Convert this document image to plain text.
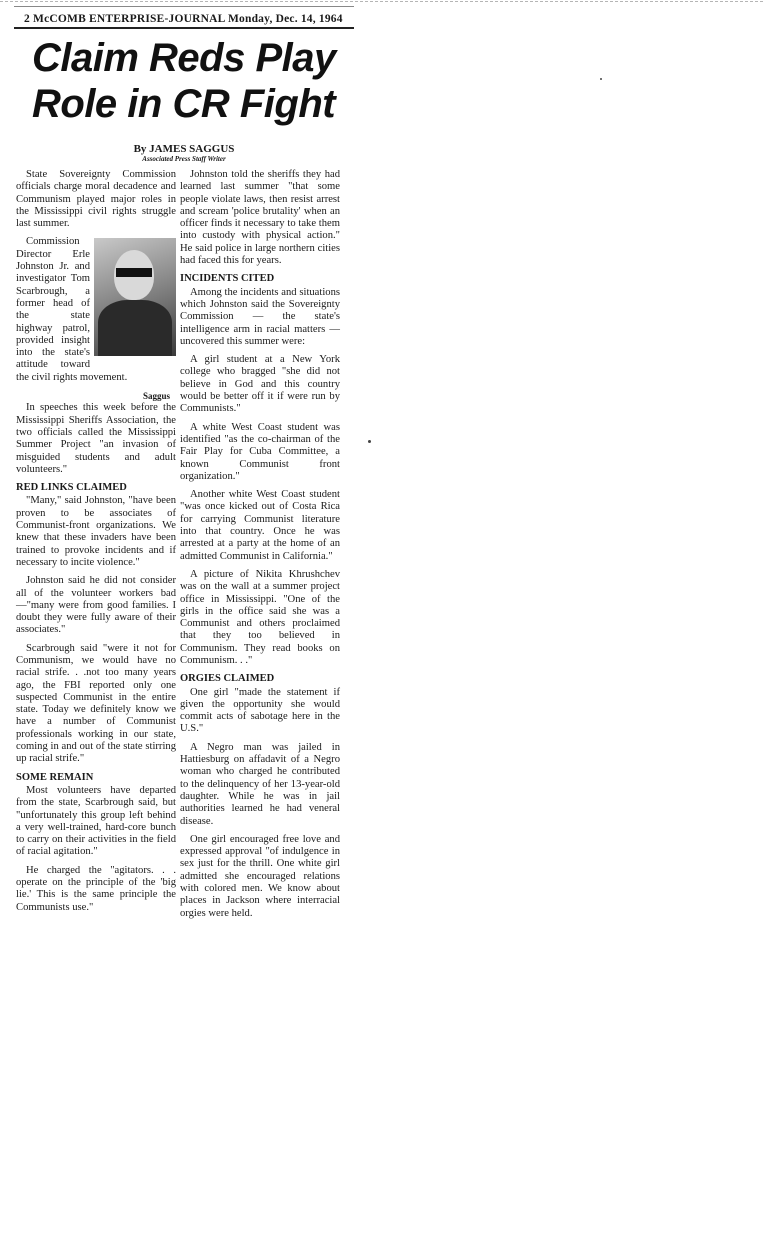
2 McCOMB ENTERPRISE-JOURNAL Monday, Dec. 14, 1964
Claim Reds Play
Role in CR Fight
By JAMES SAGGUS
Associated Press Staff Writer

State Sovereignty Commission officials charge moral decadence and Communism played major roles in the Mississippi civil rights struggle last summer.

Commission Director Erle Johnston Jr. and investigator Tom Scarbrough, a former head of the state highway patrol, provided insight into the state's attitude toward the civil rights movement.

Saggus

In speeches this week before the Mississippi Sheriffs Association, the two officials called the Mississippi Summer Project "an invasion of misguided students and adult volunteers."

RED LINKS CLAIMED

"Many," said Johnston, "have been proven to be associates of Communist-front organizations. We knew that these invaders have been trained to provoke incidents and if necessary to incite violence."

Johnston said he did not consider all of the volunteer workers bad—"many were from good families. I doubt they were fully aware of their associates."

Scarbrough said "were it not for Communism, we would have no racial strife. . .not too many years ago, the FBI reported only one suspected Communist in the entire state. Today we definitely know we have a number of Communist professionals working in our state, coming in and out of the state stirring up racial strife."

SOME REMAIN

Most volunteers have departed from the state, Scarbrough said, but "unfortunately this group left behind a very well-trained, hard-core bunch to carry on their activities in the field of racial agitation."

He charged the "agitators. . . operate on the principle of the 'big lie.' This is the same principle the Communists use."

Johnston told the sheriffs they had learned last summer "that some people violate laws, then resist arrest and scream 'police brutality' when an officer finds it necessary to take them into custody with physical action." He said police in large northern cities had faced this for years.

INCIDENTS CITED

Among the incidents and situations which Johnston said the Sovereignty Commission — the state's intelligence arm in racial matters — uncovered this summer were:

A girl student at a New York college who bragged "she did not believe in God and this country would be better off it if were run by Communists."

A white West Coast student was identified "as the co-chairman of the Fair Play for Cuba Committee, a known Communist front organization."

Another white West Coast student "was once kicked out of Costa Rica for carrying Communist literature into that country. Once he was arrested at a party at the home of an admitted Communist in California."

A picture of Nikita Khrushchev was on the wall at a summer project office in Mississippi. "One of the girls in the office said she was a Communist and others proclaimed that they too believed in Communism. They read books on Communism. . ."

ORGIES CLAIMED

One girl "made the statement if given the opportunity she would commit acts of sabotage here in the U.S."

A Negro man was jailed in Hattiesburg on affadavit of a Negro woman who charged he contributed to the delinquency of her 13-year-old daughter. While he was in jail authorities learned he had veneral disease.

One girl encouraged free love and expressed approval "of indulgence in sex just for the thrill. One white girl admitted she encouraged relations with colored men. We know about places in Jackson where interracial orgies were held.
